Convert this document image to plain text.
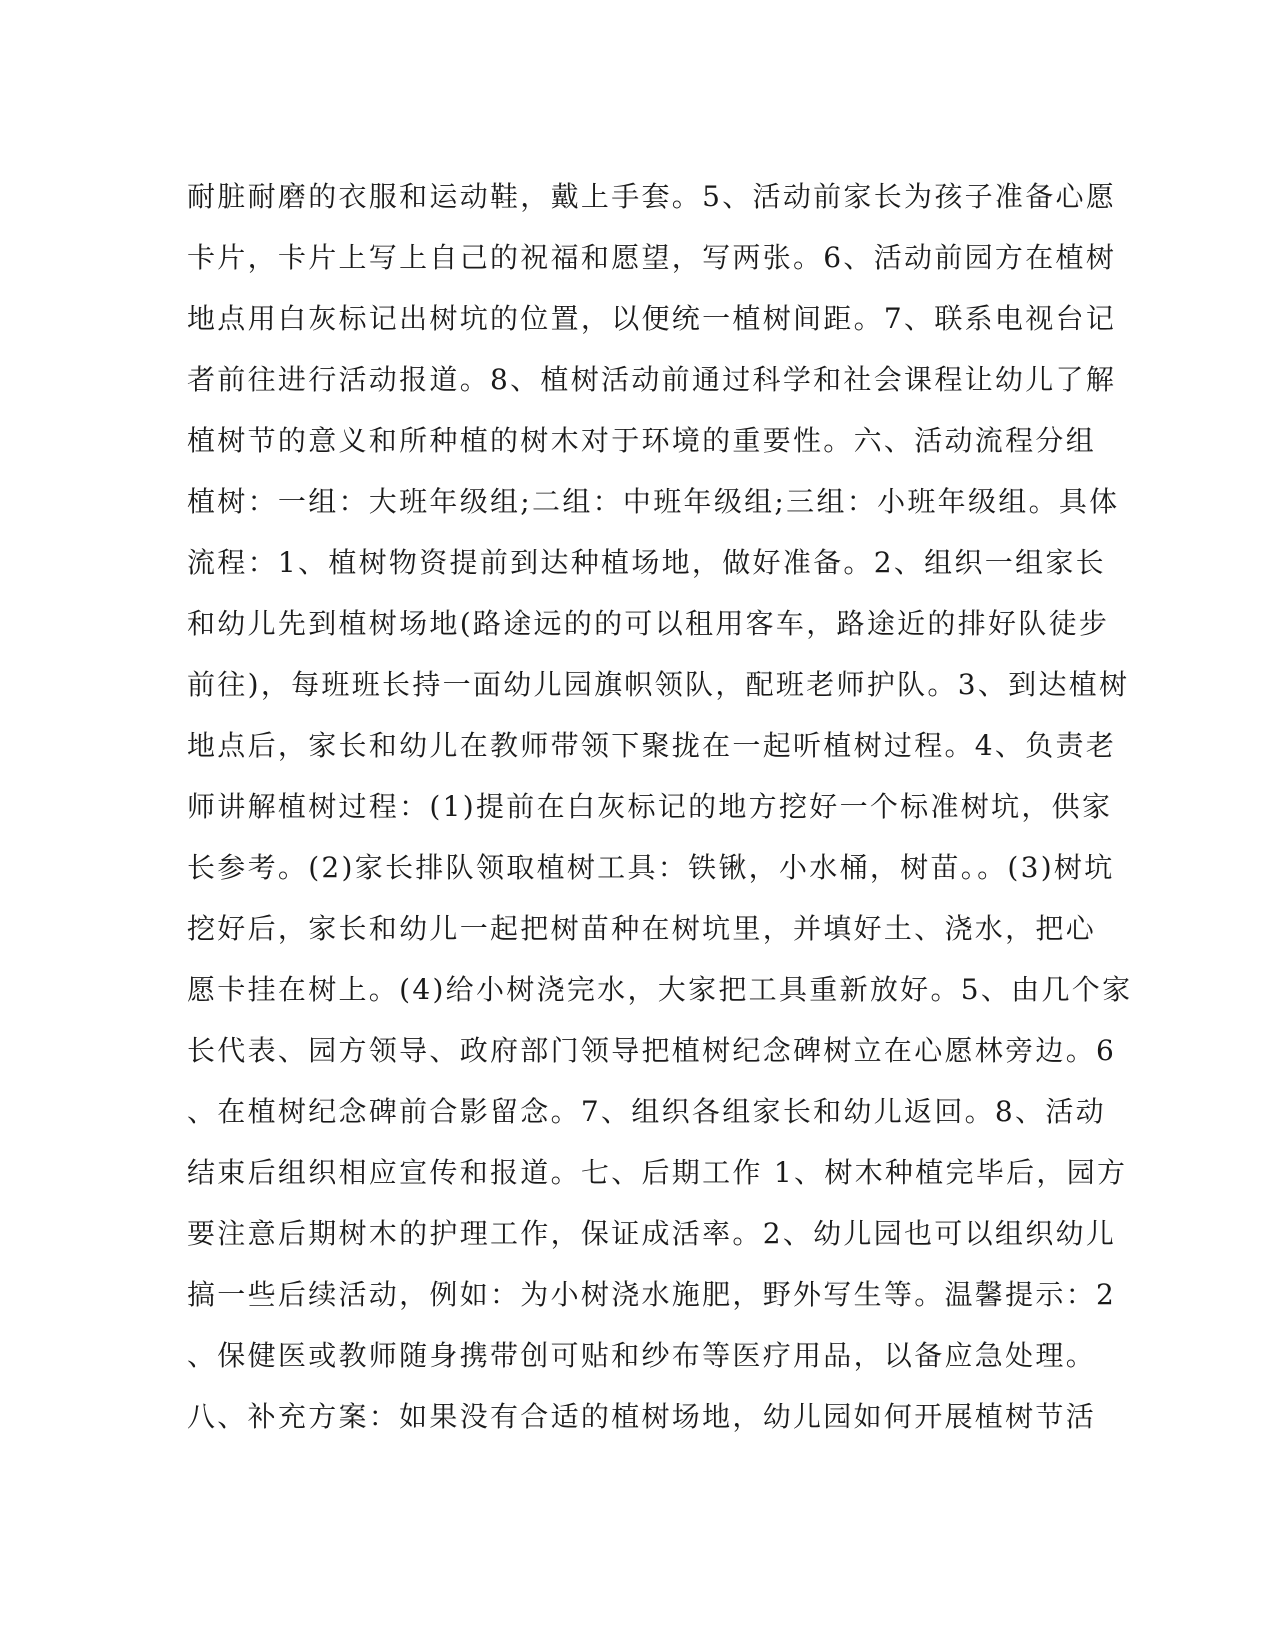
耐脏耐磨的衣服和运动鞋，戴上手套。5、活动前家长为孩子准备心愿
卡片，卡片上写上自己的祝福和愿望，写两张。6、活动前园方在植树
地点用白灰标记出树坑的位置，以便统一植树间距。7、联系电视台记
者前往进行活动报道。8、植树活动前通过科学和社会课程让幼儿了解
植树节的意义和所种植的树木对于环境的重要性。六、活动流程分组
植树：一组：大班年级组;二组：中班年级组;三组：小班年级组。具体
流程：1、植树物资提前到达种植场地，做好准备。2、组织一组家长
和幼儿先到植树场地(路途远的的可以租用客车，路途近的排好队徒步
前往)，每班班长持一面幼儿园旗帜领队，配班老师护队。3、到达植树
地点后，家长和幼儿在教师带领下聚拢在一起听植树过程。4、负责老
师讲解植树过程：(1)提前在白灰标记的地方挖好一个标准树坑，供家
长参考。(2)家长排队领取植树工具：铁锹，小水桶，树苗。。(3)树坑
挖好后，家长和幼儿一起把树苗种在树坑里，并填好土、浇水，把心
愿卡挂在树上。(4)给小树浇完水，大家把工具重新放好。5、由几个家
长代表、园方领导、政府部门领导把植树纪念碑树立在心愿林旁边。6
、在植树纪念碑前合影留念。7、组织各组家长和幼儿返回。8、活动
结束后组织相应宣传和报道。七、后期工作 1、树木种植完毕后，园方
要注意后期树木的护理工作，保证成活率。2、幼儿园也可以组织幼儿
搞一些后续活动，例如：为小树浇水施肥，野外写生等。温馨提示：2
、保健医或教师随身携带创可贴和纱布等医疗用品，以备应急处理。
八、补充方案：如果没有合适的植树场地，幼儿园如何开展植树节活
